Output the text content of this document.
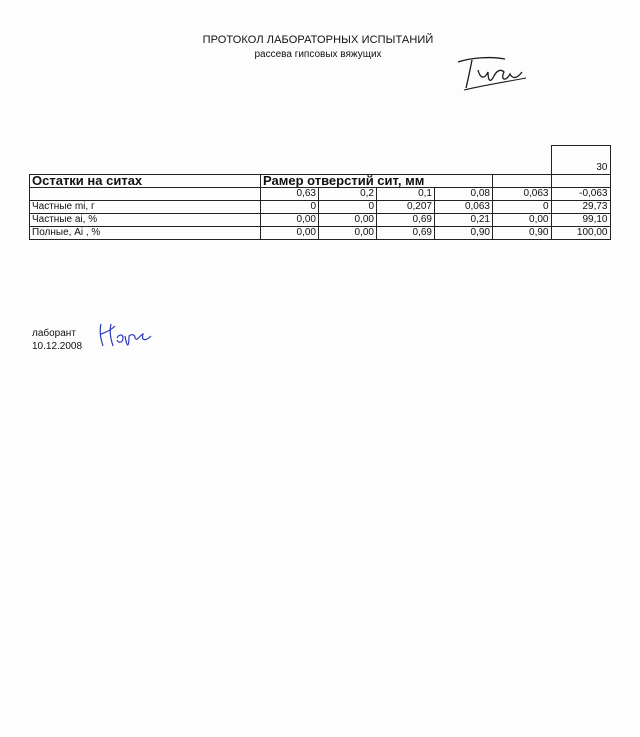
ПРОТОКОЛ ЛАБОРАТОРНЫХ ИСПЫТАНИЙ
рассева гипсовых вяжущих
						30
Остатки на ситах	Рамер отверстий сит, мм					
	0,63	0,2	0,1	0,08	0,063	-0,063
Частные mi, г	0	0	0,207	0,063	0	29,73
Частные ai, %	0,00	0,00	0,69	0,21	0,00	99,10
Полные, Ai , %	0,00	0,00	0,69	0,90	0,90	100,00
лаборант
10.12.2008
